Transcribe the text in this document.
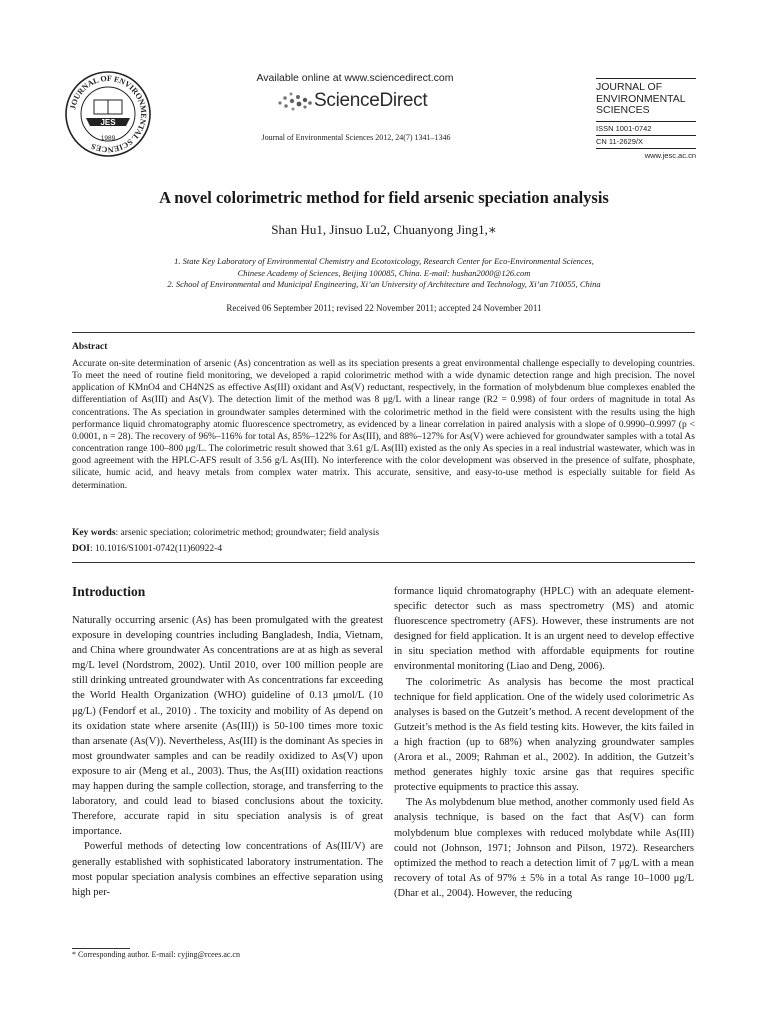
JOURNAL OF ENVIRONMENTAL SCIENCES
JES
1989
Available online at www.sciencedirect.com
ScienceDirect
Journal of Environmental Sciences 2012, 24(7) 1341–1346
JOURNAL OF
ENVIRONMENTAL
SCIENCES
ISSN 1001-0742
CN 11-2629/X
www.jesc.ac.cn
A novel colorimetric method for field arsenic speciation analysis
Shan Hu1, Jinsuo Lu2, Chuanyong Jing1,∗
1. State Key Laboratory of Environmental Chemistry and Ecotoxicology, Research Center for Eco-Environmental Sciences,
Chinese Academy of Sciences, Beijing 100085, China. E-mail: hushan2000@126.com
2. School of Environmental and Municipal Engineering, Xi’an University of Architecture and Technology, Xi’an 710055, China
Received 06 September 2011; revised 22 November 2011; accepted 24 November 2011
Abstract
Accurate on-site determination of arsenic (As) concentration as well as its speciation presents a great environmental challenge especially to developing countries. To meet the need of routine field monitoring, we developed a rapid colorimetric method with a wide dynamic detection range and high precision. The novel application of KMnO4 and CH4N2S as effective As(III) oxidant and As(V) reductant, respectively, in the formation of molybdenum blue complexes enabled the differentiation of As(III) and As(V). The detection limit of the method was 8 μg/L with a linear range (R2 = 0.998) of four orders of magnitude in total As concentrations. The As speciation in groundwater samples determined with the colorimetric method in the field were consistent with the results using the high performance liquid chromatography atomic fluorescence spectrometry, as evidenced by a linear correlation in paired analysis with a slope of 0.9990–0.9997 (p < 0.0001, n = 28). The recovery of 96%–116% for total As, 85%–122% for As(III), and 88%–127% for As(V) were achieved for groundwater samples with a total As concentration range 100–800 μg/L. The colorimetric result showed that 3.61 g/L As(III) existed as the only As species in a real industrial wastewater, which was in good agreement with the HPLC-AFS result of 3.56 g/L As(III). No interference with the color development was observed in the presence of sulfate, phosphate, silicate, humic acid, and heavy metals from complex water matrix. This accurate, sensitive, and easy-to-use method is especially suitable for field As determination.
Key words: arsenic speciation; colorimetric method; groundwater; field analysis
DOI: 10.1016/S1001-0742(11)60922-4
Introduction

Naturally occurring arsenic (As) has been promulgated with the greatest exposure in developing countries including Bangladesh, India, Vietnam, and China where groundwater As concentrations are at as high as several mg/L level (Nordstrom, 2002). Until 2010, over 100 million people are still drinking untreated groundwater with As concentrations far exceeding the World Health Organization (WHO) guideline of 0.13 μmol/L (10 μg/L) (Fendorf et al., 2010) . The toxicity and mobility of As depend on its oxidation state where arsenite (As(III)) is 50-100 times more toxic than arsenate (As(V)). Nevertheless, As(III) is the dominant As species in most groundwater samples and can be readily oxidized to As(V) upon exposure to air (Meng et al., 2003). Thus, the As(III) oxidation reactions may happen during the sample collection, storage, and transferring to the laboratory, and could lead to biased conclusions about the toxicity. Therefore, accurate rapid in situ speciation analysis is of great importance.

Powerful methods of detecting low concentrations of As(III/V) are generally established with sophisticated laboratory instrumentation. The most popular speciation analysis combines an effective separation using high per-

formance liquid chromatography (HPLC) with an adequate element-specific detector such as mass spectrometry (MS) and atomic fluorescence spectrometry (AFS). However, these instruments are not designed for field application. It is an urgent need to develop effective in situ speciation method with affordable equipments for routine environmental monitoring (Liao and Deng, 2006).

The colorimetric As analysis has become the most practical technique for field application. One of the widely used colorimetric As analyses is based on the Gutzeit’s method. A recent development of the Gutzeit’s method is the As field testing kits. However, the kits failed in a high fraction (up to 68%) when analyzing groundwater samples (Arora et al., 2009; Rahman et al., 2002). In addition, the Gutzeit’s method generates highly toxic arsine gas that requires specific protective equipments to practice this assay.

The As molybdenum blue method, another commonly used field As analysis technique, is based on the fact that As(V) can form molybdenum blue complexes with reduced molybdate while As(III) could not (Johnson, 1971; Johnson and Pilson, 1972). Researchers optimized the method to reach a detection limit of 7 μg/L with a mean recovery of total As of 97% ± 5% in a total As range 10–1000 μg/L (Dhar et al., 2004). However, the reducing

* Corresponding author. E-mail: cyjing@rcees.ac.cn
